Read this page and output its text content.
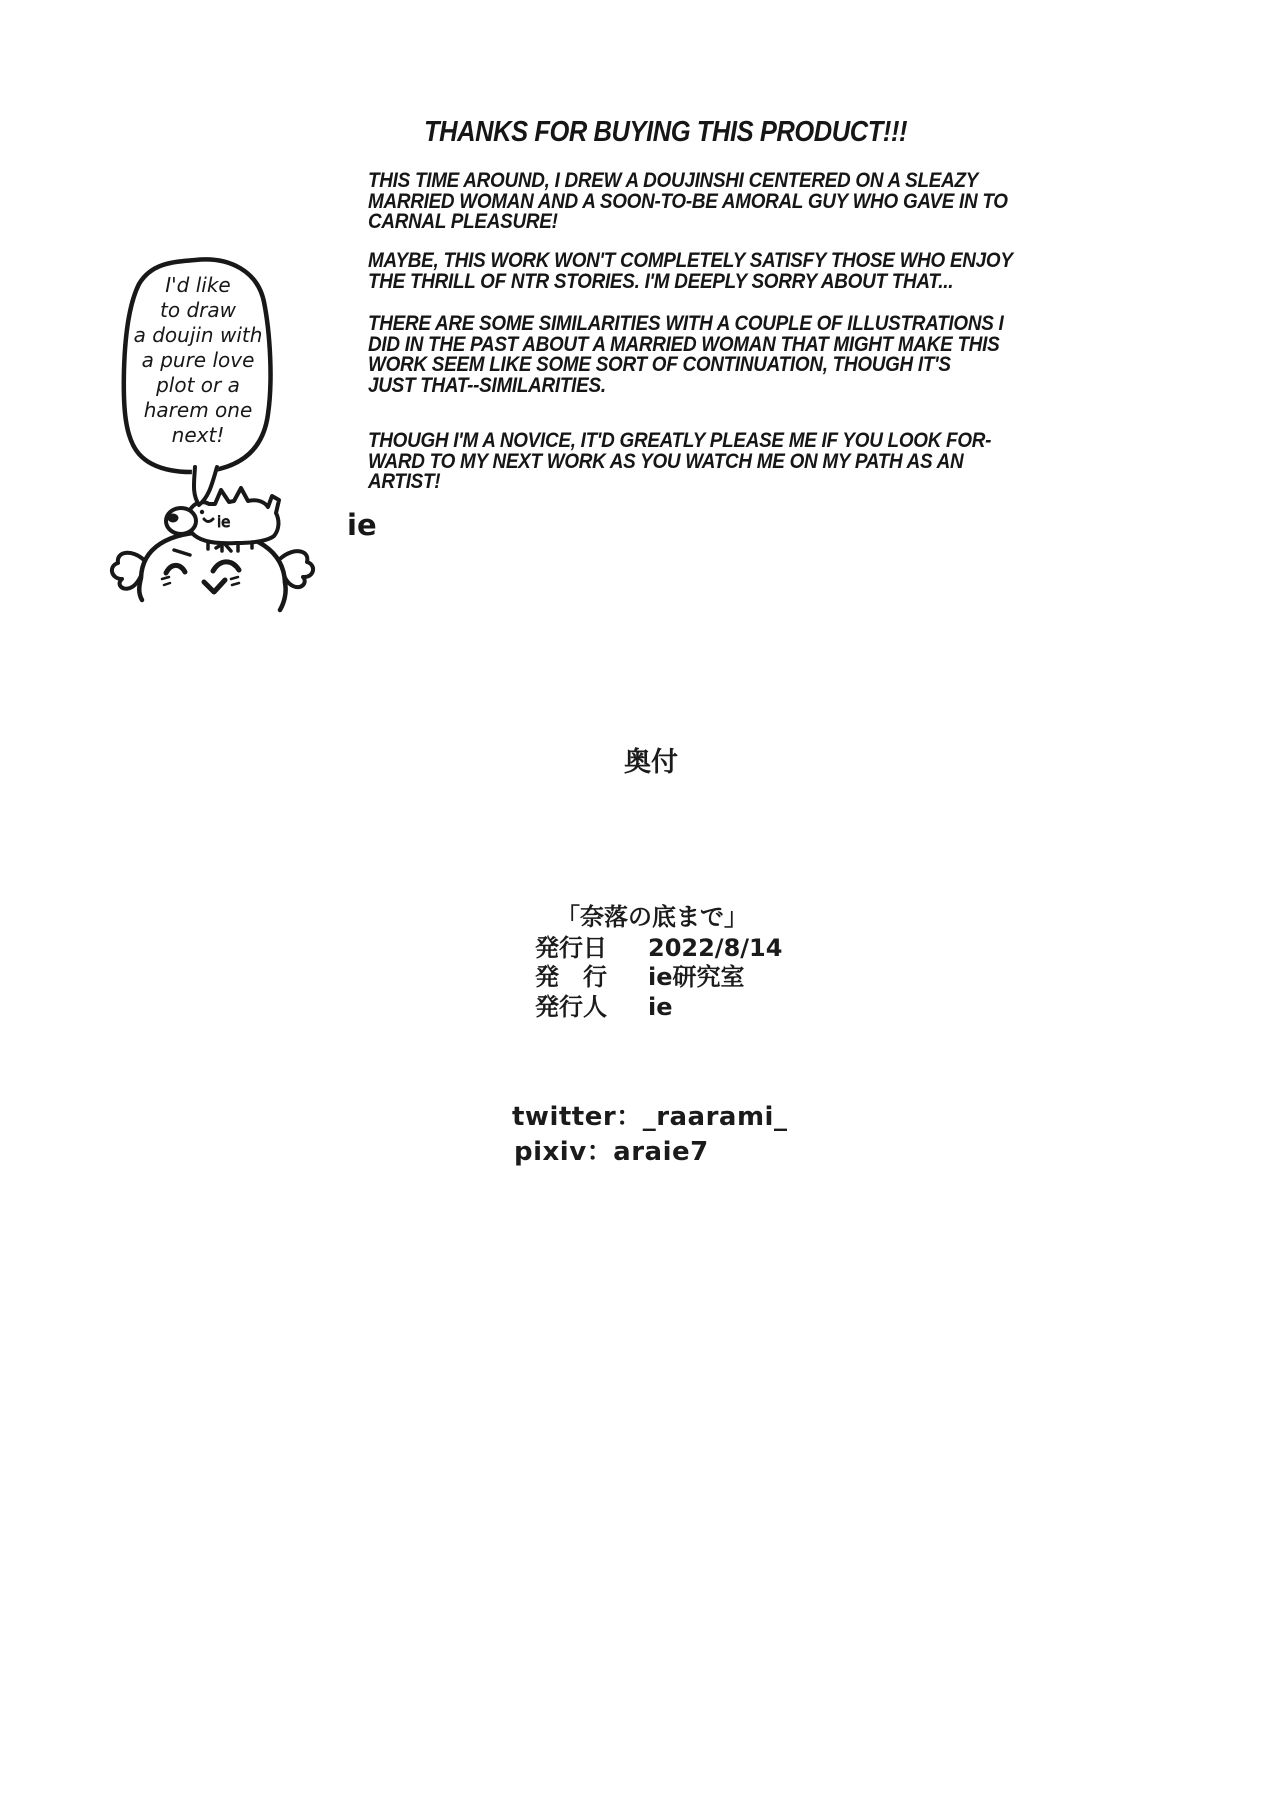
THANKS FOR BUYING THIS PRODUCT!!!
THIS TIME AROUND, I DREW A DOUJINSHI CENTERED ON A SLEAZY
MARRIED WOMAN AND A SOON-TO-BE AMORAL GUY WHO GAVE IN TO
CARNAL PLEASURE!
MAYBE, THIS WORK WON'T COMPLETELY SATISFY THOSE WHO ENJOY
THE THRILL OF NTR STORIES. I'M DEEPLY SORRY ABOUT THAT...
THERE ARE SOME SIMILARITIES WITH A COUPLE OF ILLUSTRATIONS I
DID IN THE PAST ABOUT A MARRIED WOMAN THAT MIGHT MAKE THIS
WORK SEEM LIKE SOME SORT OF CONTINUATION, THOUGH IT'S
JUST THAT--SIMILARITIES.
THOUGH I'M A NOVICE, IT'D GREATLY PLEASE ME IF YOU LOOK FOR-
WARD TO MY NEXT WORK AS YOU WATCH ME ON MY PATH AS AN
ARTIST!
ie
I'd like
to draw
a doujin with
a pure love
plot or a
harem one
next!
ie
奥付
「奈落の底まで」
発行日 2022/8/14
発　行 ie研究室
発行人 ie
twitter：_raarami_
pixiv：araie7
